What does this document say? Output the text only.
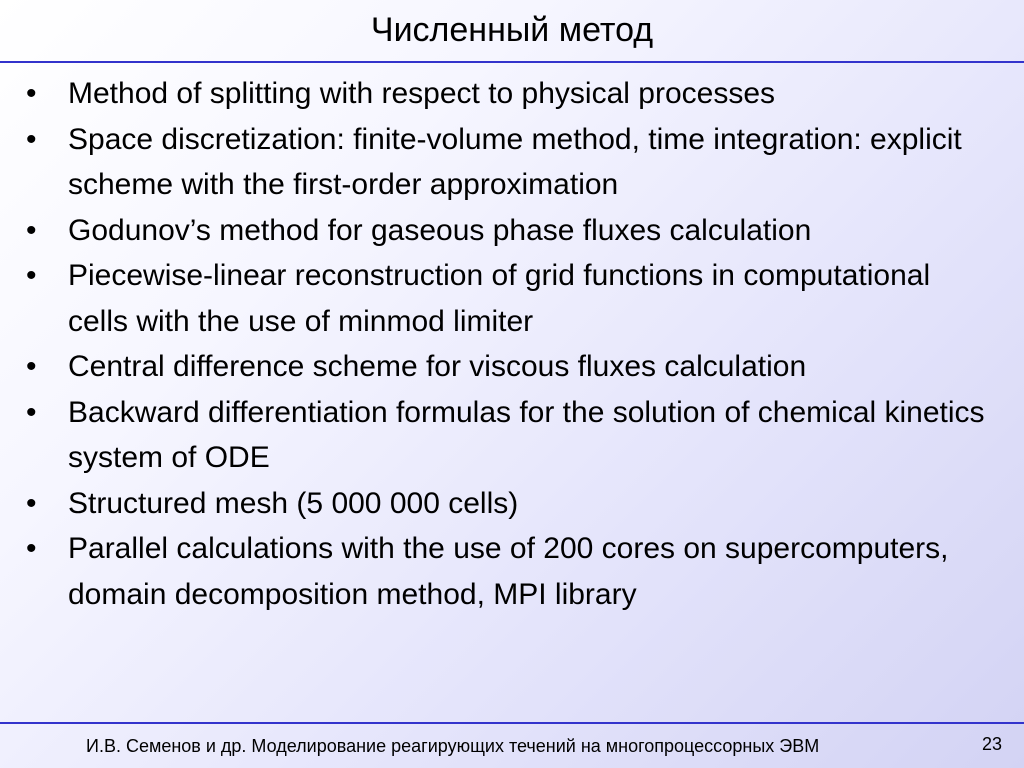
Численный метод
• Method of splitting with respect to physical processes
• Space discretization: finite-volume method, time integration: explicit scheme with the first-order approximation
• Godunov’s method for gaseous phase fluxes calculation
• Piecewise-linear reconstruction of grid functions in computational cells with the use of minmod limiter
• Central difference scheme for viscous fluxes calculation
• Backward differentiation formulas for the solution of chemical kinetics system of ODE
• Structured mesh (5 000 000 cells)
• Parallel calculations with the use of 200 cores on supercomputers, domain decomposition method, MPI library
И.В. Семенов и др. Моделирование реагирующих течений на многопроцессорных ЭВМ	23
